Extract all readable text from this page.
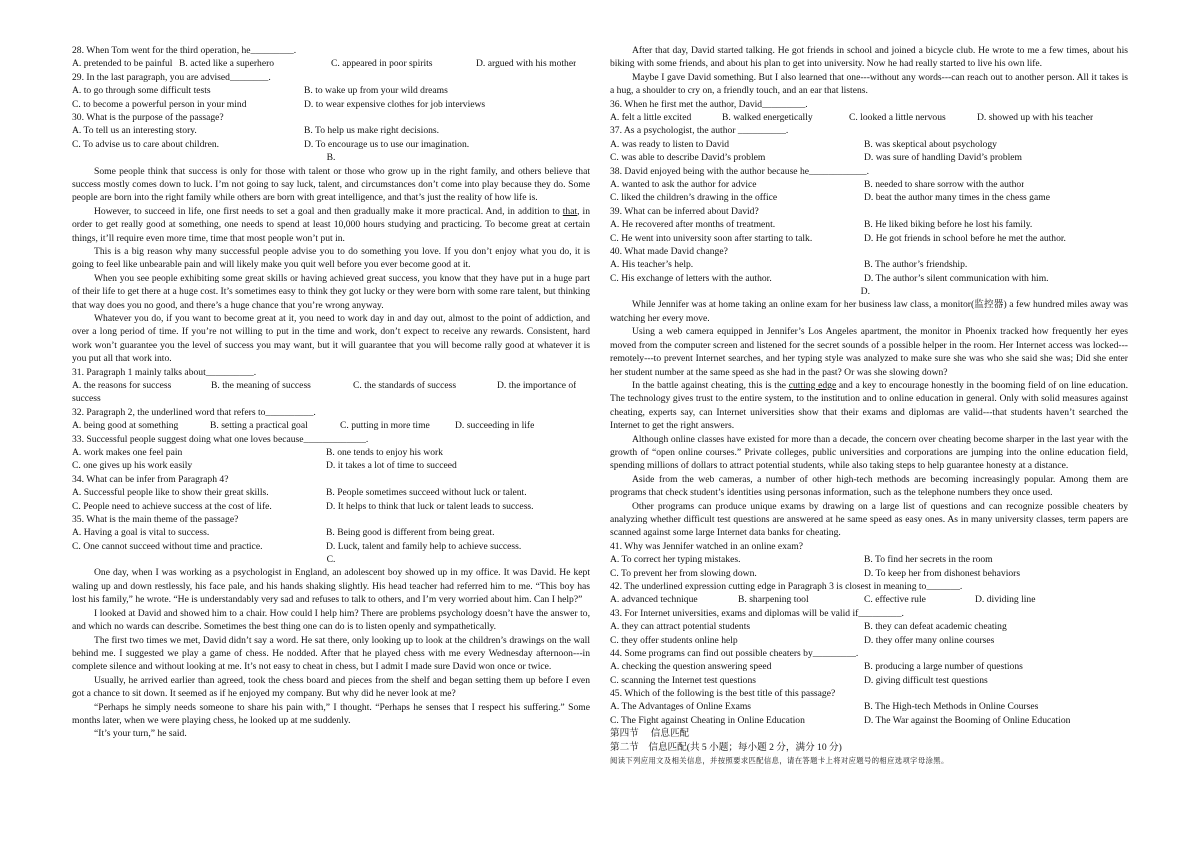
28. When Tom went for the third operation, he_________.
A. pretended to be painful B. acted like a superhero	C. appeared in poor spirits	D. argued with his mother
29. In the last paragraph, you are advised________.
A. to go through some difficult tests	B. to wake up from your wild dreams
C. to become a powerful person in your mind	D. to wear expensive clothes for job interviews
30. What is the purpose of the passage?
A. To tell us an interesting story.	B. To help us make right decisions.
C. To advise us to care about children.	D. To encourage us to use our imagination.
B.

Some people think that success is only for those with talent or those who grow up in the right family, and others believe that success mostly comes down to luck. I’m not going to say luck, talent, and circumstances don’t come into play because they do. Some people are born into the right family while others are born with great intelligence, and that’s just the reality of how life is.

However, to succeed in life, one first needs to set a goal and then gradually make it more practical. And, in addition to that, in order to get really good at something, one needs to spend at least 10,000 hours studying and practicing. To become great at certain things, it’ll require even more time, time that most people won’t put in.

This is a big reason why many successful people advise you to do something you love. If you don’t enjoy what you do, it is going to feel like unbearable pain and will likely make you quit well before you ever become good at it.

When you see people exhibiting some great skills or having achieved great success, you know that they have put in a huge part of their life to get there at a huge cost. It’s sometimes easy to think they got lucky or they were born with some rare talent, but thinking that way does you no good, and there’s a huge chance that you’re wrong anyway.

Whatever you do, if you want to become great at it, you need to work day in and day out, almost to the point of addiction, and over a long period of time. If you’re not willing to put in the time and work, don’t expect to receive any rewards. Consistent, hard work won’t guarantee you the level of success you may want, but it will guarantee that you will become rally good at whatever it is you put all that work into.

31. Paragraph 1 mainly talks about__________.
A. the reasons for success	B. the meaning of success	C. the standards of success	D. the importance of
success
32. Paragraph 2, the underlined word that refers to__________.
A. being good at something	B. setting a practical goal	C. putting in more time	D. succeeding in life
33. Successful people suggest doing what one loves because_____________.
A. work makes one feel pain	B. one tends to enjoy his work
C. one gives up his work easily	D. it takes a lot of time to succeed
34. What can be infer from Paragraph 4?
A. Successful people like to show their great skills.	B. People sometimes succeed without luck or talent.
C. People need to achieve success at the cost of life.	D. It helps to think that luck or talent leads to success.
35. What is the main theme of the passage?
A. Having a goal is vital to success.	B. Being good is different from being great.
C. One cannot succeed without time and practice.	D. Luck, talent and family help to achieve success.
C.

One day, when I was working as a psychologist in England, an adolescent boy showed up in my office. It was David. He kept waling up and down restlessly, his face pale, and his hands shaking slightly. His head teacher had referred him to me. “This boy has lost his family,” he wrote. “He is understandably very sad and refuses to talk to others, and I’m very worried about him. Can I help?”

I looked at David and showed him to a chair. How could I help him? There are problems psychology doesn’t have the answer to, and which no wards can describe. Sometimes the best thing one can do is to listen openly and sympathetically.

The first two times we met, David didn’t say a word. He sat there, only looking up to look at the children’s drawings on the wall behind me. I suggested we play a game of chess. He nodded. After that he played chess with me every Wednesday afternoon---in complete silence and without looking at me. It’s not easy to cheat in chess, but I admit I made sure David won once or twice.

Usually, he arrived earlier than agreed, took the chess board and pieces from the shelf and began setting them up before I even got a chance to sit down. It seemed as if he enjoyed my company. But why did he never look at me?

“Perhaps he simply needs someone to share his pain with,” I thought. “Perhaps he senses that I respect his suffering.” Some months later, when we were playing chess, he looked up at me suddenly.

“It’s your turn,” he said.

After that day, David started talking. He got friends in school and joined a bicycle club. He wrote to me a few times, about his biking with some friends, and about his plan to get into university. Now he had really started to live his own life.

Maybe I gave David something. But I also learned that one---without any words---can reach out to another person. All it takes is a hug, a shoulder to cry on, a friendly touch, and an ear that listens.

36. When he first met the author, David_________.
A. felt a little excited	B. walked energetically	C. looked a little nervous	D. showed up with his teacher
37. As a psychologist, the author __________.
A. was ready to listen to David	B. was skeptical about psychology
C. was able to describe David’s problem	D. was sure of handling David’s problem
38. David enjoyed being with the author because he____________.
A. wanted to ask the author for advice	B. needed to share sorrow with the author
C. liked the children’s drawing in the office	D. beat the author many times in the chess game
39. What can be inferred about David?
A. He recovered after months of treatment.	B. He liked biking before he lost his family.
C. He went into university soon after starting to talk.	D. He got friends in school before he met the author.
40. What made David change?
A. His teacher’s help.	B. The author’s friendship.
C. His exchange of letters with the author.	D. The author’s silent communication with him.
D.

While Jennifer was at home taking an online exam for her business law class, a monitor(监控器) a few hundred miles away was watching her every move.

Using a web camera equipped in Jennifer’s Los Angeles apartment, the monitor in Phoenix tracked how frequently her eyes moved from the computer screen and listened for the secret sounds of a possible helper in the room. Her Internet access was locked---remotely---to prevent Internet searches, and her typing style was analyzed to make sure she was who she said she was; Did she enter her student number at the same speed as she had in the past? Or was she slowing down?

In the battle against cheating, this is the cutting edge and a key to encourage honestly in the booming field of on line education. The technology gives trust to the entire system, to the institution and to online education in general. Only with solid measures against cheating, experts say, can Internet universities show that their exams and diplomas are valid---that students haven’t searched the Internet to get the right answers.

Although online classes have existed for more than a decade, the concern over cheating become sharper in the last year with the growth of “open online courses.” Private colleges, public universities and corporations are jumping into the online education field, spending millions of dollars to attract potential students, while also taking steps to help guarantee honesty at a distance.

Aside from the web cameras, a number of other high-tech methods are becoming increasingly popular. Among them are programs that check student’s identities using personas information, such as the telephone numbers they once used.

Other programs can produce unique exams by drawing on a large list of questions and can recognize possible cheaters by analyzing whether difficult test questions are answered at he same speed as easy ones. As in many university classes, term papers are scanned against some large Internet data banks for cheating.

41. Why was Jennifer watched in an online exam?
A. To correct her typing mistakes.	B. To find her secrets in the room
C. To prevent her from slowing down.	D. To keep her from dishonest behaviors
42. The underlined expression cutting edge in Paragraph 3 is closest in meaning to_______.
A. advanced technique	B. sharpening tool	C. effective rule	D. dividing line
43. For Internet universities, exams and diplomas will be valid if_________.
A. they can attract potential students	B. they can defeat academic cheating
C. they offer students online help	D. they offer many online courses
44. Some programs can find out possible cheaters by_________.
A. checking the question answering speed	B. producing a large number of questions
C. scanning the Internet test questions	D. giving difficult test questions
45. Which of the following is the best title of this passage?
A. The Advantages of Online Exams	B. The High-tech Methods in Online Courses
C. The Fight against Cheating in Online Education	D. The War against the Booming of Online Education
第四节　 信息匹配
第二节　信息匹配(共 5 小题；每小题 2 分，满分 10 分)
阅读下列应用文及相关信息，并按照要求匹配信息，请在答题卡上将对应题号的相应选项字母涂黑。
